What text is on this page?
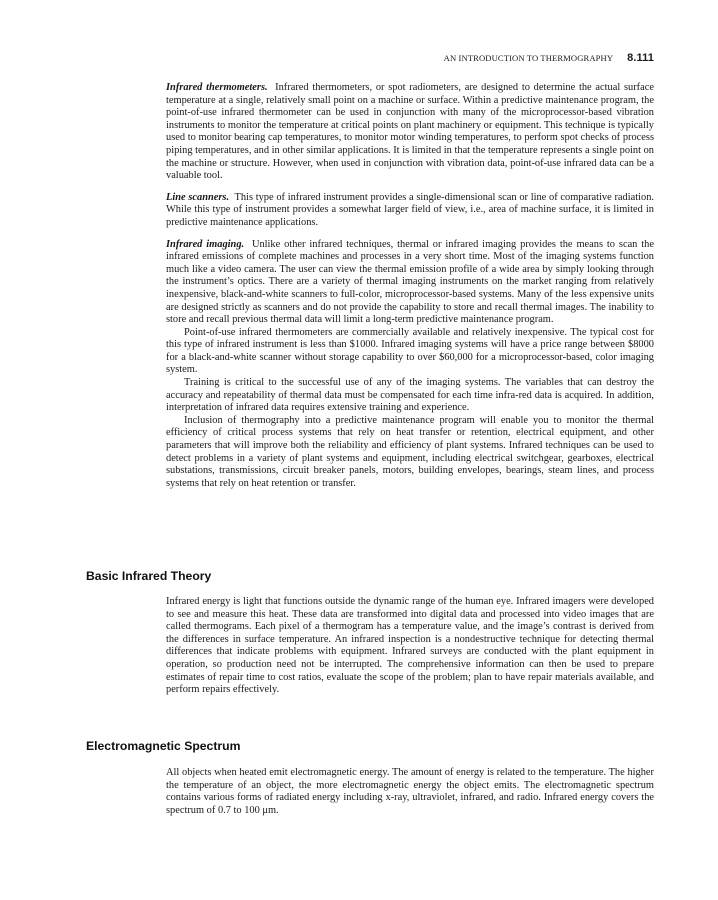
AN INTRODUCTION TO THERMOGRAPHY 8.111

Infrared thermometers. Infrared thermometers, or spot radiometers, are designed to determine the actual surface temperature at a single, relatively small point on a machine or surface. Within a predictive maintenance program, the point-of-use infrared thermometer can be used in conjunction with many of the microprocessor-based vibration instruments to monitor the temperature at critical points on plant machinery or equipment. This technique is typically used to monitor bearing cap temperatures, to monitor motor winding temperatures, to perform spot checks of process piping temperatures, and in other similar applications. It is limited in that the temperature represents a single point on the machine or structure. However, when used in conjunction with vibration data, point-of-use infrared data can be a valuable tool.

Line scanners. This type of infrared instrument provides a single-dimensional scan or line of comparative radiation. While this type of instrument provides a somewhat larger field of view, i.e., area of machine surface, it is limited in predictive maintenance applications.

Infrared imaging. Unlike other infrared techniques, thermal or infrared imaging provides the means to scan the infrared emissions of complete machines and processes in a very short time. Most of the imaging systems function much like a video camera. The user can view the thermal emission profile of a wide area by simply looking through the instrument’s optics. There are a variety of thermal imaging instruments on the market ranging from relatively inexpensive, black-and-white scanners to full-color, microprocessor-based systems. Many of the less expensive units are designed strictly as scanners and do not provide the capability to store and recall thermal images. The inability to store and recall previous thermal data will limit a long-term predictive maintenance program.

Point-of-use infrared thermometers are commercially available and relatively inexpensive. The typical cost for this type of infrared instrument is less than $1000. Infrared imaging systems will have a price range between $8000 for a black-and-white scanner without storage capability to over $60,000 for a microprocessor-based, color imaging system.

Training is critical to the successful use of any of the imaging systems. The variables that can destroy the accuracy and repeatability of thermal data must be compensated for each time infra-red data is acquired. In addition, interpretation of infrared data requires extensive training and experience.

Inclusion of thermography into a predictive maintenance program will enable you to monitor the thermal efficiency of critical process systems that rely on heat transfer or retention, electrical equipment, and other parameters that will improve both the reliability and efficiency of plant systems. Infrared techniques can be used to detect problems in a variety of plant systems and equipment, including electrical switchgear, gearboxes, electrical substations, transmissions, circuit breaker panels, motors, building envelopes, bearings, steam lines, and process systems that rely on heat retention or transfer.

Basic Infrared Theory

Infrared energy is light that functions outside the dynamic range of the human eye. Infrared imagers were developed to see and measure this heat. These data are transformed into digital data and processed into video images that are called thermograms. Each pixel of a thermogram has a temperature value, and the image’s contrast is derived from the differences in surface temperature. An infrared inspection is a nondestructive technique for detecting thermal differences that indicate problems with equipment. Infrared surveys are conducted with the plant equipment in operation, so production need not be interrupted. The comprehensive information can then be used to prepare estimates of repair time to cost ratios, evaluate the scope of the problem; plan to have repair materials available, and perform repairs effectively.

Electromagnetic Spectrum

All objects when heated emit electromagnetic energy. The amount of energy is related to the temperature. The higher the temperature of an object, the more electromagnetic energy the object emits. The electromagnetic spectrum contains various forms of radiated energy including x-ray, ultraviolet, infrared, and radio. Infrared energy covers the spectrum of 0.7 to 100 μm.
